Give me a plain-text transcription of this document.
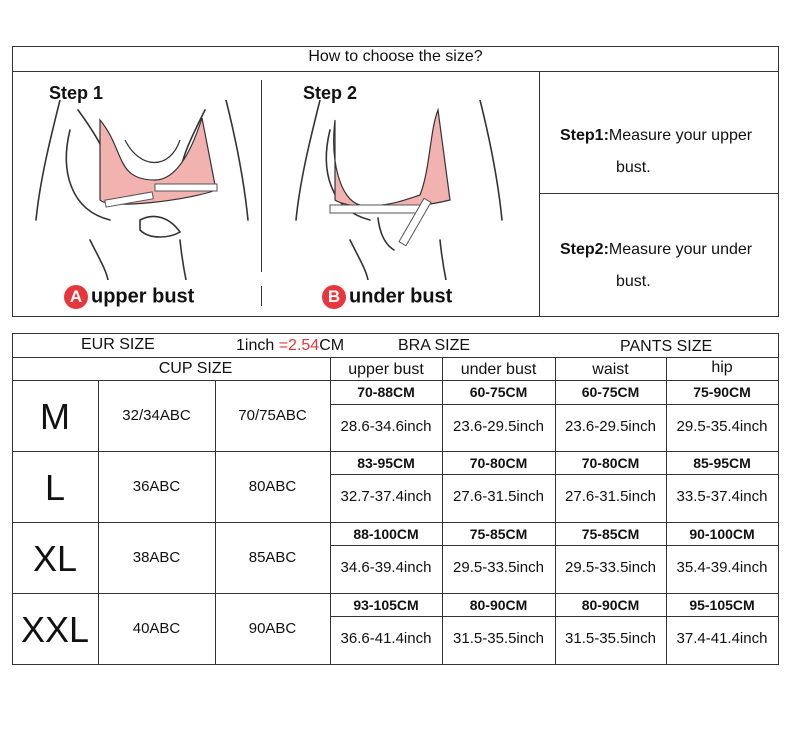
How to choose the size?
Step 1	Step 2
A upper bust	B under bust
Step1:Measure your upper
bust.
Step2:Measure your under
bust.
EUR SIZE	1inch =2.54CM	BRA SIZE	PANTS SIZE
CUP SIZE	upper bust	under bust	waist	hip
M	32/34ABC	70/75ABC
70-88CM	60-75CM	60-75CM	75-90CM
28.6-34.6inch	23.6-29.5inch	23.6-29.5inch	29.5-35.4inch
L	36ABC	80ABC
83-95CM	70-80CM	70-80CM	85-95CM
32.7-37.4inch	27.6-31.5inch	27.6-31.5inch	33.5-37.4inch
XL	38ABC	85ABC
88-100CM	75-85CM	75-85CM	90-100CM
34.6-39.4inch	29.5-33.5inch	29.5-33.5inch	35.4-39.4inch
XXL	40ABC	90ABC
93-105CM	80-90CM	80-90CM	95-105CM
36.6-41.4inch	31.5-35.5inch	31.5-35.5inch	37.4-41.4inch
